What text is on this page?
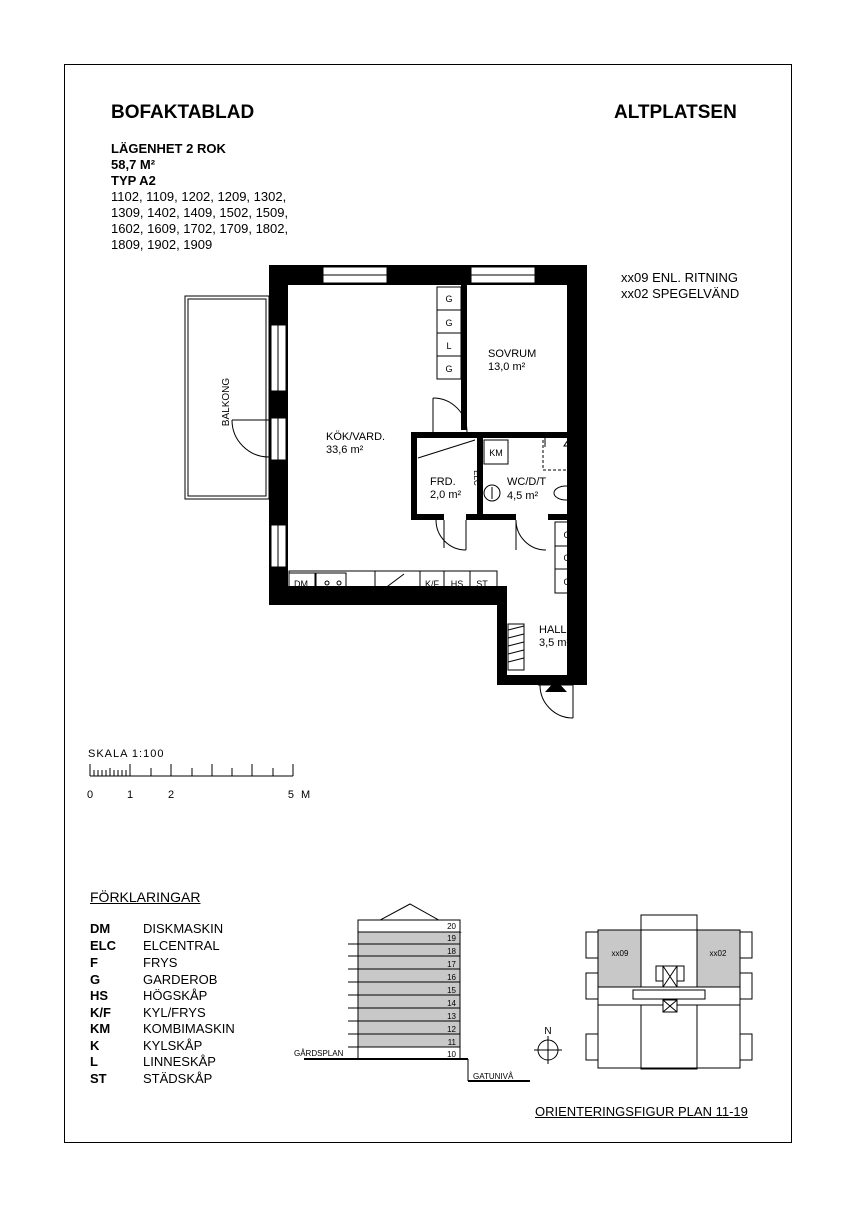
BOFAKTABLAD	ALTPLATSEN
LÄGENHET 2 ROK
58,7 M²
TYP A2
1102, 1109, 1202, 1209, 1302,
1309, 1402, 1409, 1502, 1509,
1602, 1609, 1702, 1709, 1802,
1809, 1902, 1909
xx09 ENL. RITNING
xx02 SPEGELVÄND
BALKONG
G
G
L
G
G
G
G
DM	K/F HS ST
KM
ELC
KÖK/VARD.
33,6 m²
SOVRUM
13,0 m²
FRD.
2,0 m²
WC/D/T
4,5 m²
HALL
3,5 m²
SKALA 1:100
0	1	2	5 M
20
19
18
17
16
15
14
13
12
11
10
GÅRDSPLAN
GATUNIVÅ
N
xx09	xx02
ORIENTERINGSFIGUR PLAN 11-19
FÖRKLARINGAR
DM	DISKMASKIN
ELC ELCENTRAL
F	FRYS
G	GARDEROB
HS	HÖGSKÅP
K/F KYL/FRYS
KM	KOMBIMASKIN
K	KYLSKÅP
L	LINNESKÅP
ST	STÄDSKÅP
